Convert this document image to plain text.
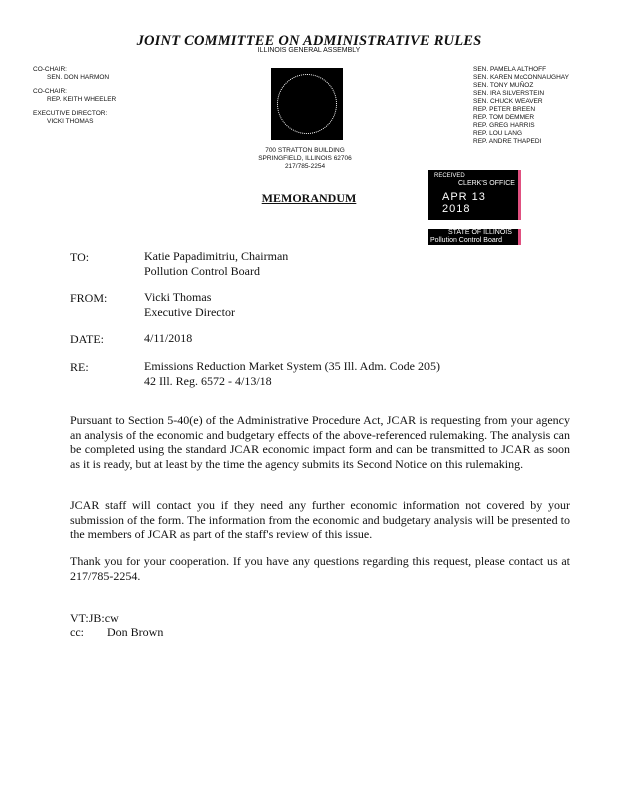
JOINT COMMITTEE ON ADMINISTRATIVE RULES
ILLINOIS GENERAL ASSEMBLY
CO-CHAIR:
SEN. DON HARMON
CO-CHAIR:
REP. KEITH WHEELER
EXECUTIVE DIRECTOR:
VICKI THOMAS
700 STRATTON BUILDING
SPRINGFIELD, ILLINOIS 62706
217/785-2254
SEN. PAMELA ALTHOFF
SEN. KAREN McCONNAUGHAY
SEN. TONY MUÑOZ
SEN. IRA SILVERSTEIN
SEN. CHUCK WEAVER
REP. PETER BREEN
REP. TOM DEMMER
REP. GREG HARRIS
REP. LOU LANG
REP. ANDRE THAPEDI
RECEIVED
CLERK'S OFFICE
APR 13 2018
STATE OF ILLINOIS
Pollution Control Board
MEMORANDUM
TO:	Katie Papadimitriu, Chairman
Pollution Control Board
FROM:	Vicki Thomas
Executive Director
DATE:	4/11/2018
RE:	Emissions Reduction Market System (35 Ill. Adm. Code 205)
42 Ill. Reg. 6572 - 4/13/18
Pursuant to Section 5-40(e) of the Administrative Procedure Act, JCAR is requesting from your agency an analysis of the economic and budgetary effects of the above-referenced rulemaking. The analysis can be completed using the standard JCAR economic impact form and can be transmitted to JCAR as soon as it is ready, but at least by the time the agency submits its Second Notice on this rulemaking.
JCAR staff will contact you if they need any further economic information not covered by your submission of the form. The information from the economic and budgetary analysis will be presented to the members of JCAR as part of the staff's review of this issue.
Thank you for your cooperation. If you have any questions regarding this request, please contact us at 217/785-2254.
VT:JB:cw
cc: Don Brown
